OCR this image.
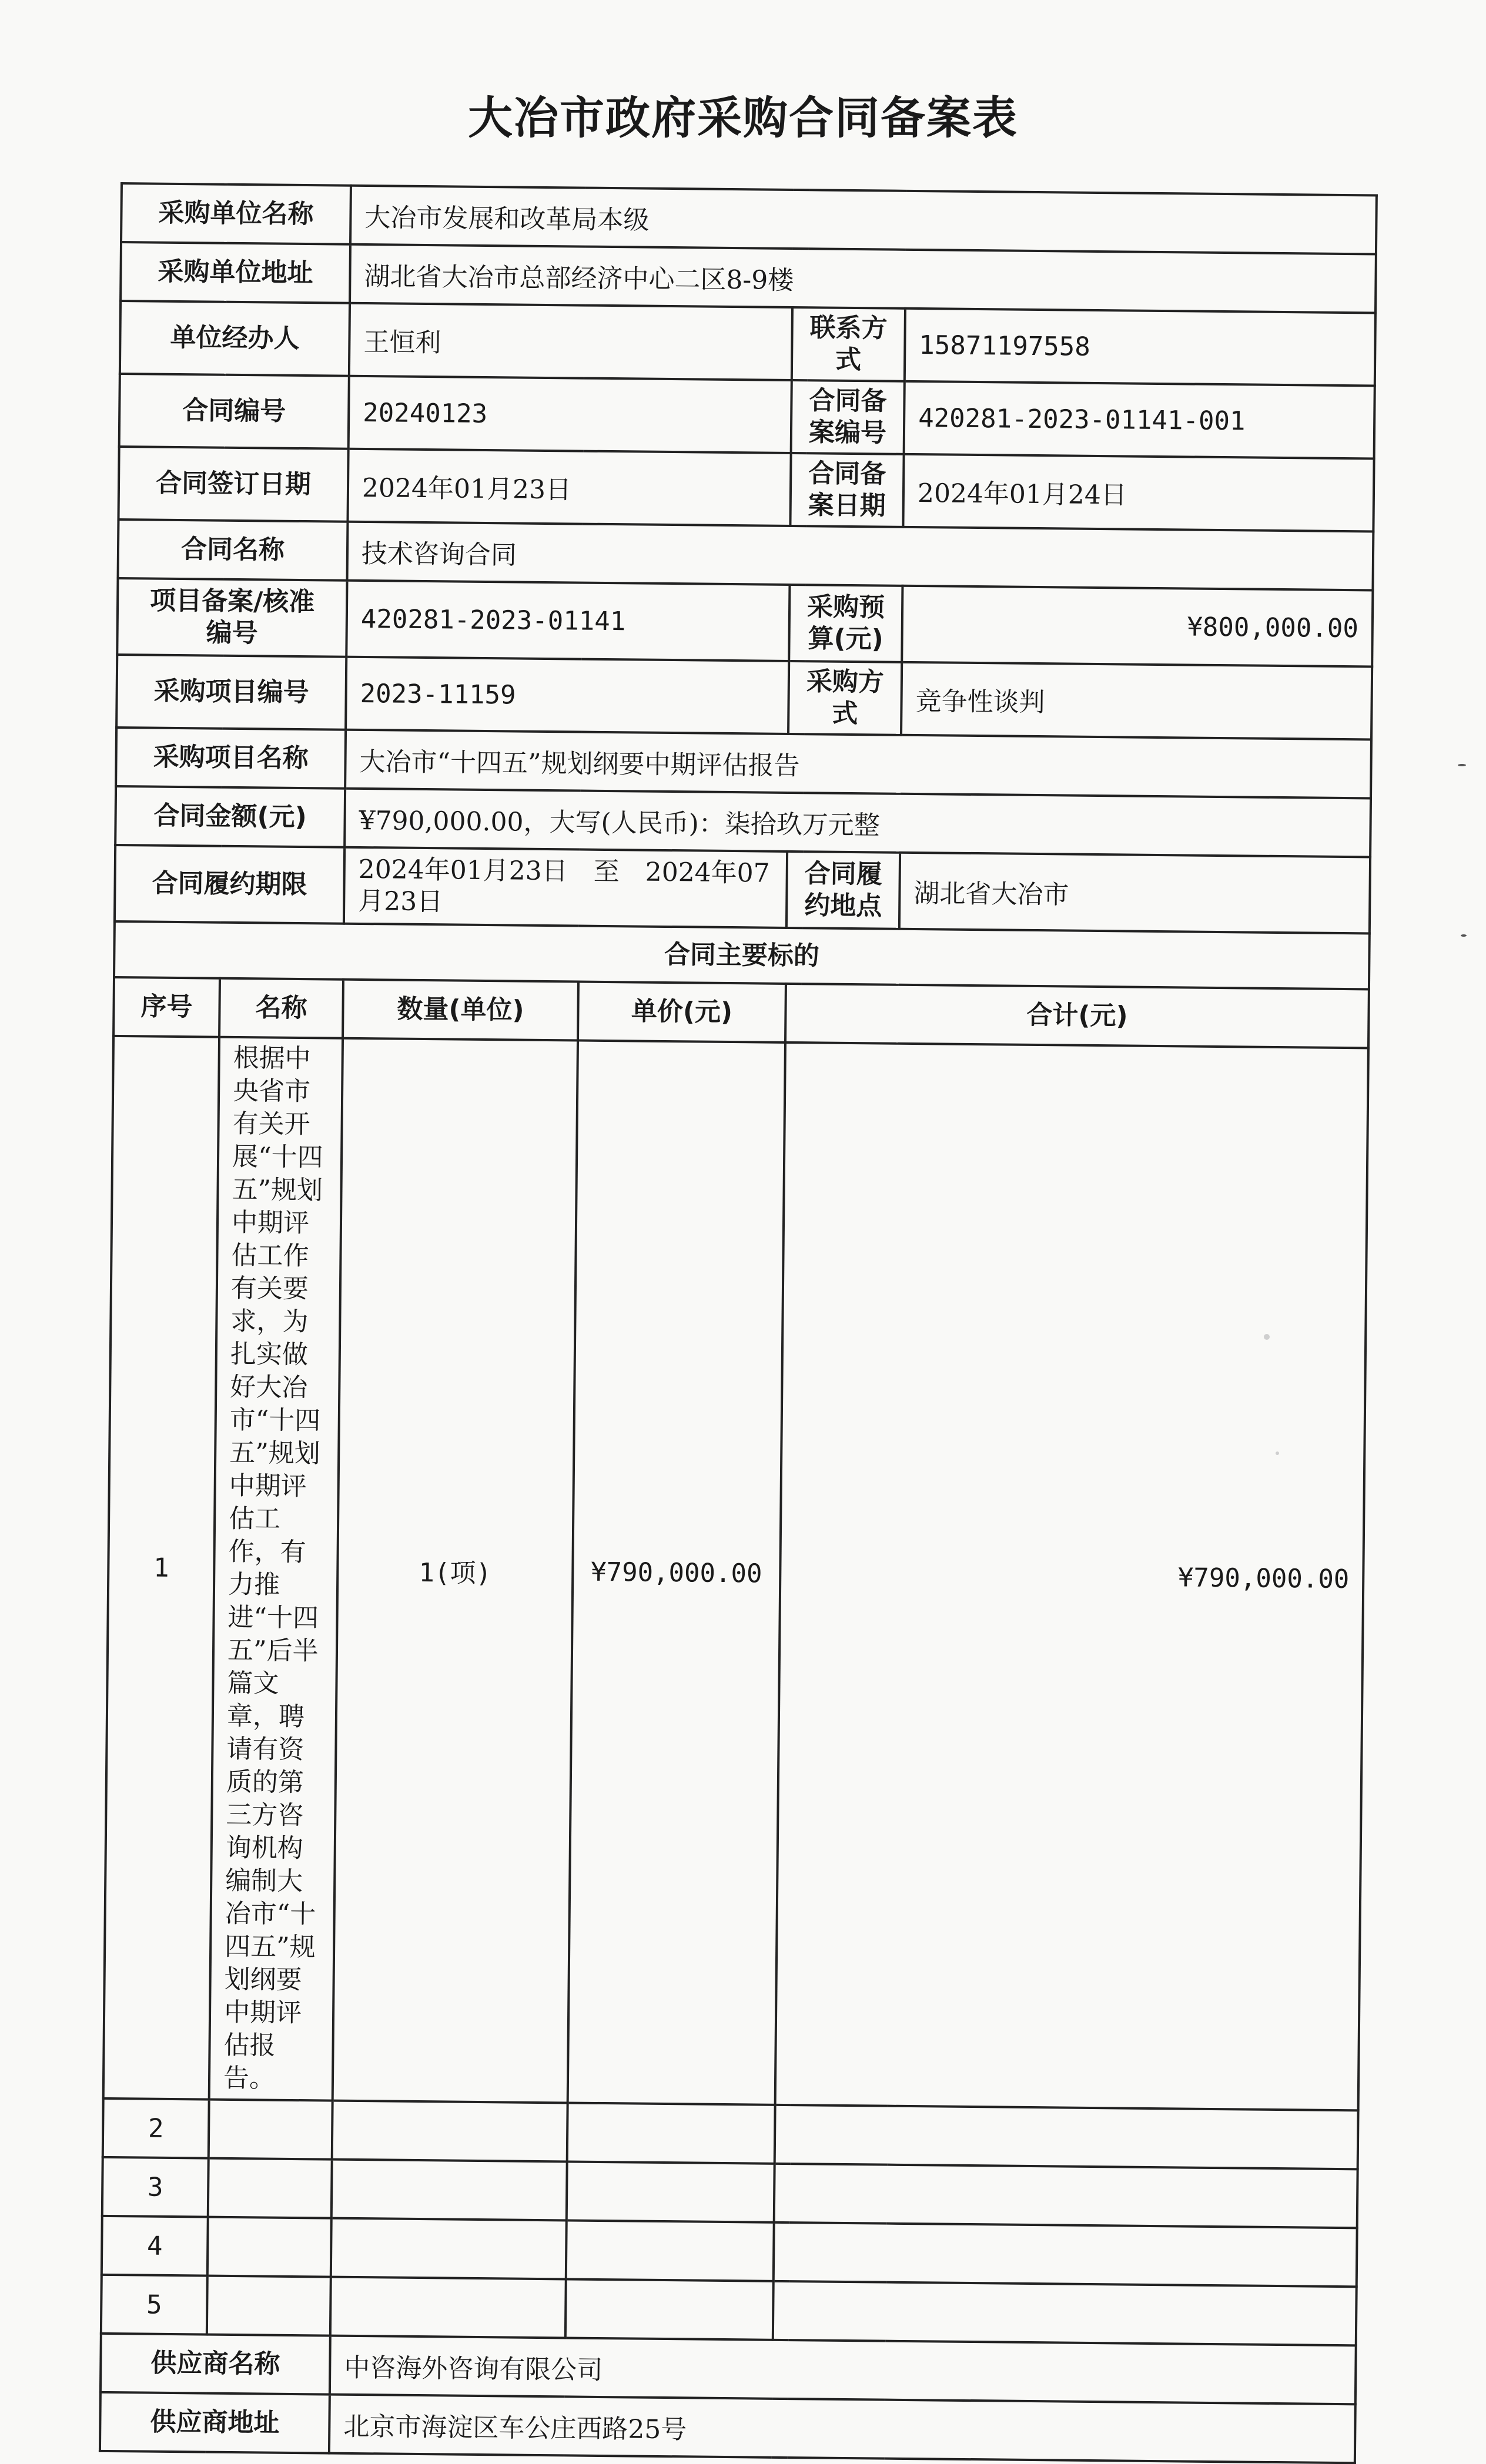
大冶市政府采购合同备案表
采购单位名称		大冶市发展和改革局本级			
采购单位地址		湖北省大冶市总部经济中心二区8-9楼			
单位经办人		王恒利		联系方式	15871197558
合同编号		20240123		合同备案编号	420281-2023-01141-001
合同签订日期		2024年01月23日		合同备案日期	2024年01月24日
合同名称		技术咨询合同			

项目备案/核准
编号		420281-2023-01141		采购预算(元)	¥800,000.00
采购项目编号		2023-11159		采购方式	竞争性谈判
采购项目名称		大冶市“十四五”规划纲要中期评估报告			
合同金额(元)		¥790,000.00，大写(人民币)：柒拾玖万元整			
合同履约期限		2024年01月23日　至　2024年07月23日		合同履约地点	湖北省大冶市
合同主要标的					
序号	名称	数量(单位)	单价(元)	合计(元)	
1	根据中央省市有关开展“十四五”规划中期评估工作有关要求，为扎实做好大冶市“十四五”规划中期评估工作，有力推进“十四五”后半篇文章，聘请有资质的第三方咨询机构编制大冶市“十四五”规划纲要中期评估报告。	1(项)	¥790,000.00	¥790,000.00	
2					
3					
4					
5					
供应商名称		中咨海外咨询有限公司			
供应商地址		北京市海淀区车公庄西路25号			
